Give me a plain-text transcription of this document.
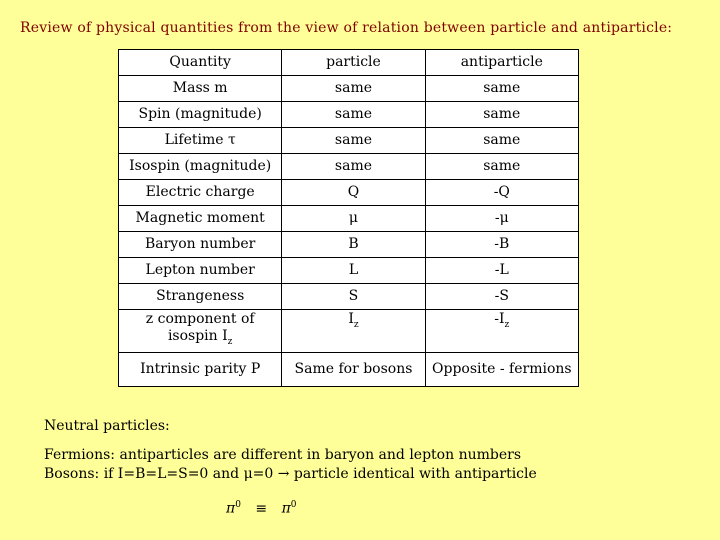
Review of physical quantities from the view of relation between particle and antiparticle:
Quantity	particle	antiparticle
Mass m	same	same
Spin (magnitude)	same	same
Lifetime τ	same	same
Isospin (magnitude)	same	same
Electric charge	Q	-Q
Magnetic moment	μ	-μ
Baryon number	B	-B
Lepton number	L	-L
Strangeness	S	-S
z component of
isospin $I_z$	$I_z$	$-I_z$

Intrinsic parity P	Same for bosons	Opposite - fermions
Neutral particles:
Fermions: antiparticles are different in baryon and lepton numbers
Bosons: if I=B=L=S=0 and μ=0 → particle identical with antiparticle
$\pi^0 \equiv \pi^0$
